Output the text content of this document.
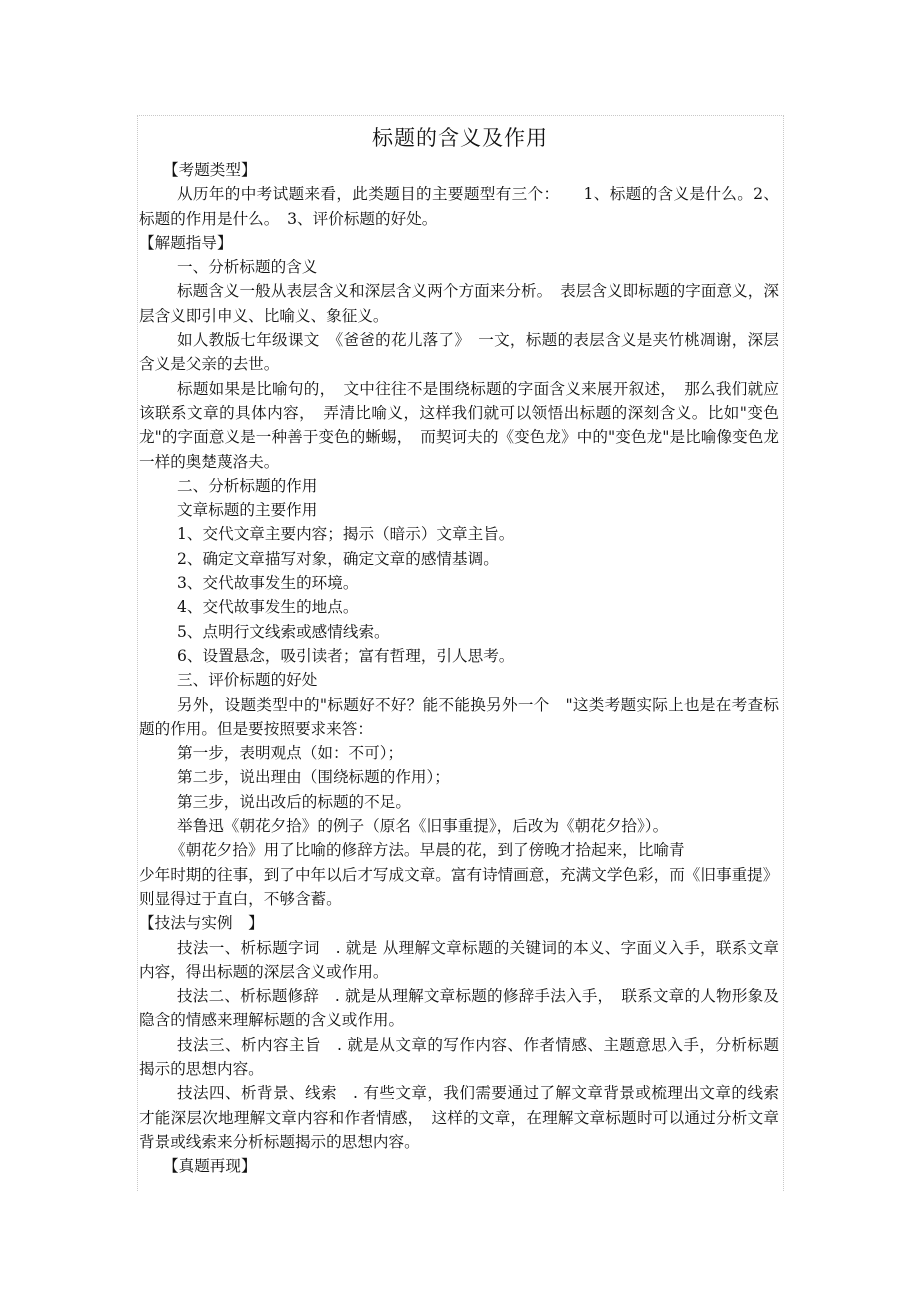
标题的含义及作用

【考题类型】

从历年的中考试题来看，此类题目的主要题型有三个：　　1、标题的含义是什么。2、标题的作用是什么。　3、评价标题的好处。

【解题指导】

一、分析标题的含义

标题含义一般从表层含义和深层含义两个方面来分析。　表层含义即标题的字面意义，深层含义即引申义、比喻义、象征义。

如人教版七年级课文　《爸爸的花儿落了》　一文，标题的表层含义是夹竹桃凋谢，深层含义是父亲的去世。

标题如果是比喻句的，　文中往往不是围绕标题的字面含义来展开叙述，　那么我们就应该联系文章的具体内容，　弄清比喻义，这样我们就可以领悟出标题的深刻含义。比如"变色龙"的字面意义是一种善于变色的蜥蜴，　而契诃夫的《变色龙》中的"变色龙"是比喻像变色龙一样的奥楚蔑洛夫。

二、分析标题的作用

文章标题的主要作用

1、交代文章主要内容；揭示（暗示）文章主旨。

2、确定文章描写对象，确定文章的感情基调。

3、交代故事发生的环境。

4、交代故事发生的地点。

5、点明行文线索或感情线索。

6、设置悬念，吸引读者；富有哲理，引人思考。

三、评价标题的好处

另外，设题类型中的"标题好不好？能不能换另外一个　"这类考题实际上也是在考查标题的作用。但是要按照要求来答：

第一步，表明观点（如：不可）；

第二步，说出理由（围绕标题的作用）；

第三步，说出改后的标题的不足。

举鲁迅《朝花夕拾》的例子（原名《旧事重提》，后改为《朝花夕拾》）。

《朝花夕拾》用了比喻的修辞方法。早晨的花，到了傍晚才拾起来，比喻青
少年时期的往事，到了中年以后才写成文章。富有诗情画意，充满文学色彩，而《旧事重提》则显得过于直白，不够含蓄。

【技法与实例　】

技法一、析标题字词　. 就是 从理解文章标题的关键词的本义、字面义入手，联系文章内容，得出标题的深层含义或作用。

技法二、析标题修辞　. 就是从理解文章标题的修辞手法入手，　联系文章的人物形象及隐含的情感来理解标题的含义或作用。

技法三、析内容主旨　. 就是从文章的写作内容、作者情感、主题意思入手，分析标题揭示的思想内容。

技法四、析背景、线索　. 有些文章，我们需要通过了解文章背景或梳理出文章的线索才能深层次地理解文章内容和作者情感，　这样的文章，在理解文章标题时可以通过分析文章背景或线索来分析标题揭示的思想内容。

【真题再现】
